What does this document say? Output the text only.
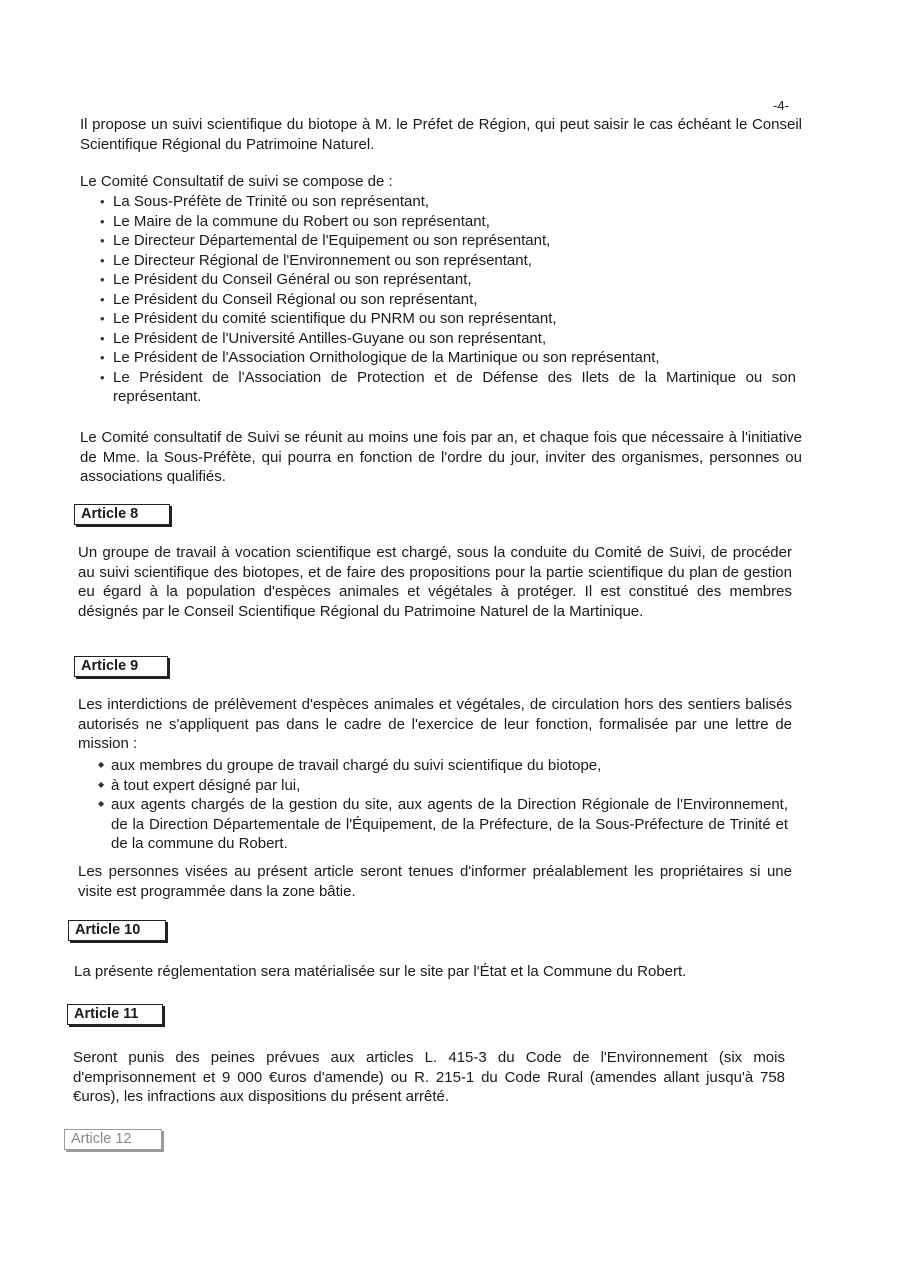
-4-

Il propose un suivi scientifique du biotope à M. le Préfet de Région, qui peut saisir le cas échéant le Conseil Scientifique Régional du Patrimoine Naturel.

Le Comité Consultatif de suivi se compose de :

• La Sous-Préfète de Trinité ou son représentant,
• Le Maire de la commune du Robert ou son représentant,
• Le Directeur Départemental de l'Equipement ou son représentant,
• Le Directeur Régional de l'Environnement ou son représentant,
• Le Président du Conseil Général ou son représentant,
• Le Président du Conseil Régional ou son représentant,
• Le Président du comité scientifique du PNRM ou son représentant,
• Le Président de l'Université Antilles-Guyane ou son représentant,
• Le Président de l'Association Ornithologique de la Martinique ou son représentant,
• Le Président de l'Association de Protection et de Défense des Ilets de la Martinique ou son représentant.

Le Comité consultatif de Suivi se réunit au moins une fois par an, et chaque fois que nécessaire à l'initiative de Mme. la Sous-Préfète, qui pourra en fonction de l'ordre du jour, inviter des organismes, personnes ou associations qualifiés.

Article 8

Un groupe de travail à vocation scientifique est chargé, sous la conduite du Comité de Suivi, de procéder au suivi scientifique des biotopes, et de faire des propositions pour la partie scientifique du plan de gestion eu égard à la population d'espèces animales et végétales à protéger. Il est constitué des membres désignés par le Conseil Scientifique Régional du Patrimoine Naturel de la Martinique.

Article 9

Les interdictions de prélèvement d'espèces animales et végétales, de circulation hors des sentiers balisés autorisés ne s'appliquent pas dans le cadre de l'exercice de leur fonction, formalisée par une lettre de mission :

◆ aux membres du groupe de travail chargé du suivi scientifique du biotope,
◆ à tout expert désigné par lui,
◆ aux agents chargés de la gestion du site, aux agents de la Direction Régionale de l'Environnement, de la Direction Départementale de l'Équipement, de la Préfecture, de la Sous-Préfecture de Trinité et de la commune du Robert.

Les personnes visées au présent article seront tenues d'informer préalablement les propriétaires si une visite est programmée dans la zone bâtie.

Article 10

La présente réglementation sera matérialisée sur le site par l'État et la Commune du Robert.

Article 11

Seront punis des peines prévues aux articles L. 415-3 du Code de l'Environnement (six mois d'emprisonnement et 9 000 €uros d'amende) ou R. 215-1 du Code Rural (amendes allant jusqu'à 758 €uros), les infractions aux dispositions du présent arrêté.

Article 12
